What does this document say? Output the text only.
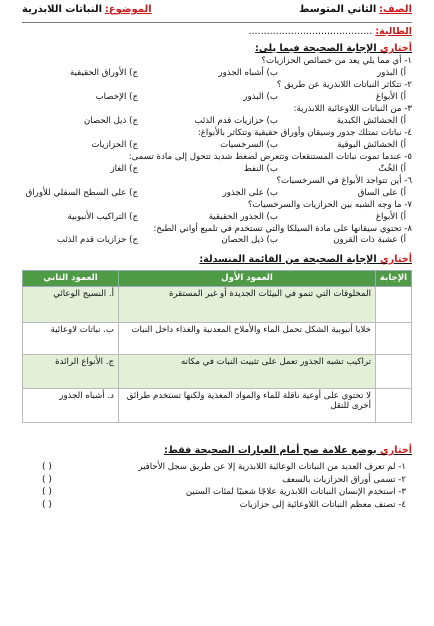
الصف: الثاني المتوسط
الموضوع: النباتات اللابذرية
الطالبة: .........................................
أختاري الإجابة الصحيحة فيما يلي:
١- أي مما يلي يعد من خصائص الحزازيات؟
أ) البذور
ب) أشباه الجذور
ج) الأوراق الحقيقية
٢- تتكاثر النباتات اللابذرية عن طريق ؟
أ) الأبواغ
ب) البذور
ج) الإخصاب
٣- من النباتات اللاوعائية اللابذرية:
أ) الحشائش الكبدية
ب) حزازيات قدم الذئب
ج) ذيل الحصان
٤- نباتات تمتلك جذور وسيقان وأوراق حقيقية وتتكاثر بالأبواغ:
أ) الحشائش البوقية
ب) السرخسيات
ج) الحزازيات
٥- عندما تموت نباتات المستنقعات وتتعرض لضغط شديد تتحول إلى مادة تسمى:
أ) الخُثّ
ب) النفط
ج) الغاز
٦- أين تتواجد الأبواغ في السرخسيات؟
أ) على الساق
ب) على الجذور
ج) على السطح السفلي للأوراق
٧- ما وجه الشبه بين الحزازيات والسرخسيات؟
أ) الأبواغ
ب) الجذور الحقيقية
ج) التراكيب الأنبوبية
٨- تحتوي سيقانها على مادة السيلكا والتي تستخدم في تلميع أواني الطبخ:
أ) عشبة ذات القرون
ب) ذيل الحصان
ج) حزازيات قدم الذئب
أختاري الإجابة الصحيحة من القائمة المنسدلة:
الإجابة	العمود الأول	العمود الثاني
	المخلوقات التي تنمو في البيئات الجديدة أو غير المستقرة	أ. النسيج الوعائي
	خلايا أنبوبية الشكل تحمل الماء والأملاح المعدنية والغذاء داخل النبات	ب. نباتات لاوعائية
	تراكيب تشبه الجذور تعمل على تثبيت النبات في مكانه	ج. الأنواع الرائدة
	لا تحتوي على أوعية ناقلة للماء والمواد المغذية ولكنها تستخدم طرائق أخرى للنقل	د. أشباه الجذور
أختاري بوضع علامة صح أمام العبارات الصحيحة فقط:
١- لم تعرف العديد من النباتات الوعائية اللابذرية إلا عن طريق سجل الأحافير
( )
٢- تسمى أوراق الحزازيات بالسعف
( )
٣- استخدم الإنسان النباتات اللابذرية علاجًا شعبيًا لمئات السنين
( )
٤- تصنف معظم النباتات اللاوعائية إلى حزازيات
( )
